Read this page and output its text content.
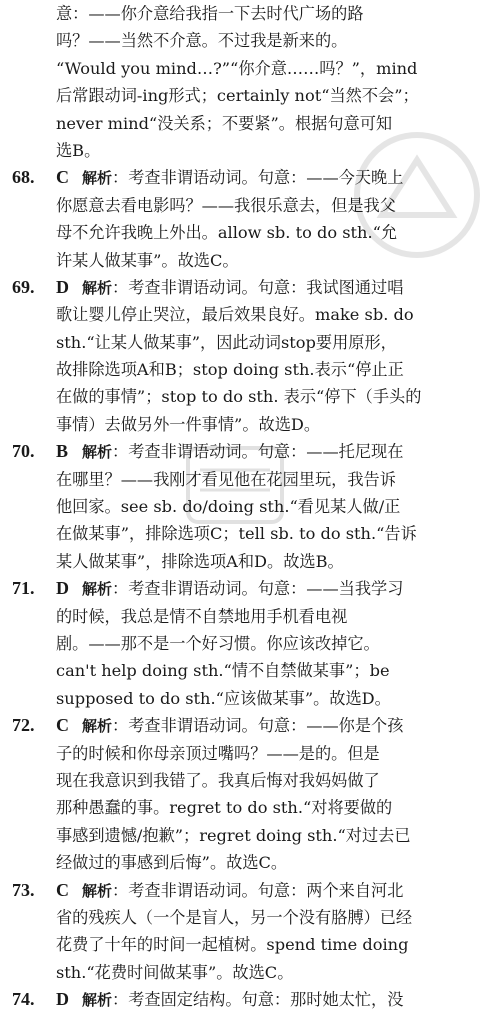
意：——你介意给我指一下去时代广场的路
吗？——当然不介意。不过我是新来的。
“Would you mind…?”“你介意……吗？”，mind
后常跟动词-ing形式；certainly not“当然不会”；
never mind“没关系；不要紧”。根据句意可知
选B。
68. C 解析：考查非谓语动词。句意：——今天晚上
你愿意去看电影吗？——我很乐意去，但是我父
母不允许我晚上外出。allow sb. to do sth.“允
许某人做某事”。故选C。
69. D 解析：考查非谓语动词。句意：我试图通过唱
歌让婴儿停止哭泣，最后效果良好。make sb. do
sth.“让某人做某事”，因此动词stop要用原形，
故排除选项A和B；stop doing sth.表示“停止正
在做的事情”；stop to do sth. 表示“停下（手头的
事情）去做另外一件事情”。故选D。
70. B 解析：考查非谓语动词。句意：——托尼现在
在哪里？——我刚才看见他在花园里玩，我告诉
他回家。see sb. do/doing sth.“看见某人做/正
在做某事”，排除选项C；tell sb. to do sth.“告诉
某人做某事”，排除选项A和D。故选B。
71. D 解析：考查非谓语动词。句意：——当我学习
的时候，我总是情不自禁地用手机看电视
剧。——那不是一个好习惯。你应该改掉它。
can't help doing sth.“情不自禁做某事”；be
supposed to do sth.“应该做某事”。故选D。
72. C 解析：考查非谓语动词。句意：——你是个孩
子的时候和你母亲顶过嘴吗？——是的。但是
现在我意识到我错了。我真后悔对我妈妈做了
那种愚蠢的事。regret to do sth.“对将要做的
事感到遗憾/抱歉”；regret doing sth.“对过去已
经做过的事感到后悔”。故选C。
73. C 解析：考查非谓语动词。句意：两个来自河北
省的残疾人（一个是盲人，另一个没有胳膊）已经
花费了十年的时间一起植树。spend time doing
sth.“花费时间做某事”。故选C。
74. D 解析：考查固定结构。句意：那时她太忙，没
